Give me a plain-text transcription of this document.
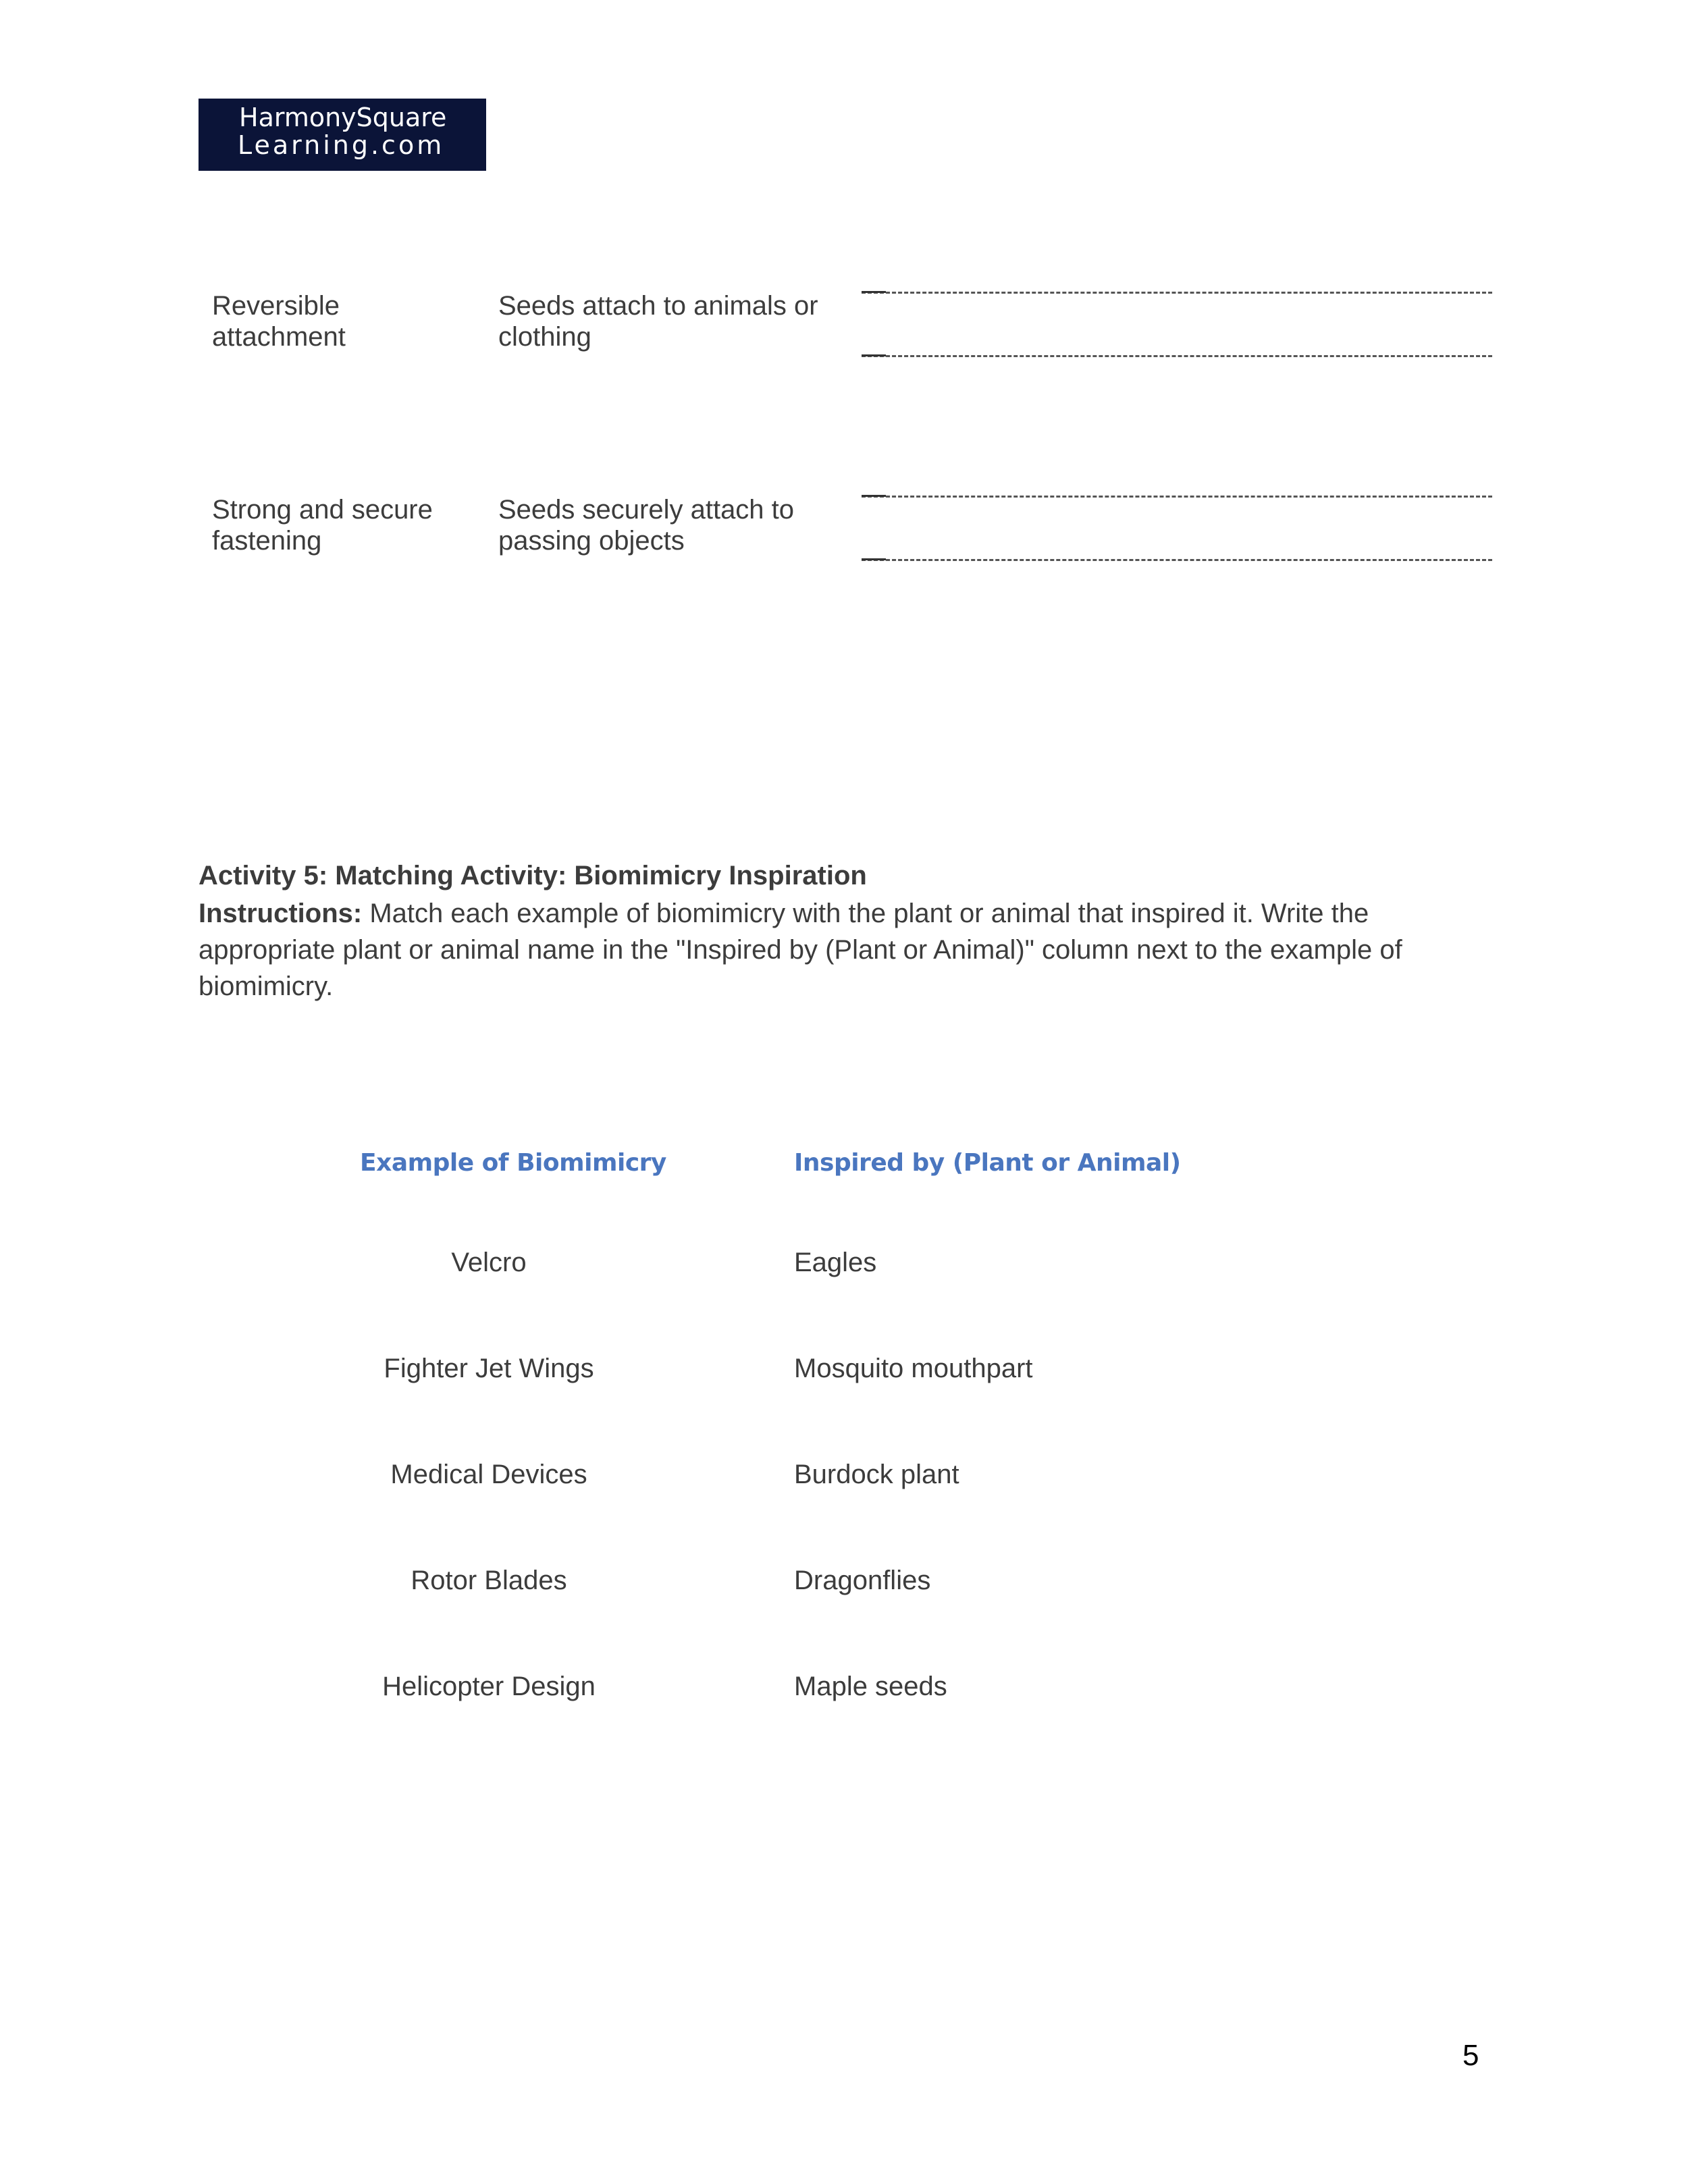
HarmonySquare
Learning.com
Reversible
attachment
Seeds attach to animals or
clothing
Strong and secure
fastening
Seeds securely attach to
passing objects
Activity 5: Matching Activity: Biomimicry Inspiration
Instructions: Match each example of biomimicry with the plant or animal that inspired it. Write the appropriate plant or animal name in the "Inspired by (Plant or Animal)" column next to the example of biomimicry.
Example of Biomimicry	Inspired by (Plant or Animal)
Velcro
Fighter Jet Wings
Medical Devices
Rotor Blades
Helicopter Design
Eagles
Mosquito mouthpart
Burdock plant
Dragonflies
Maple seeds
5
